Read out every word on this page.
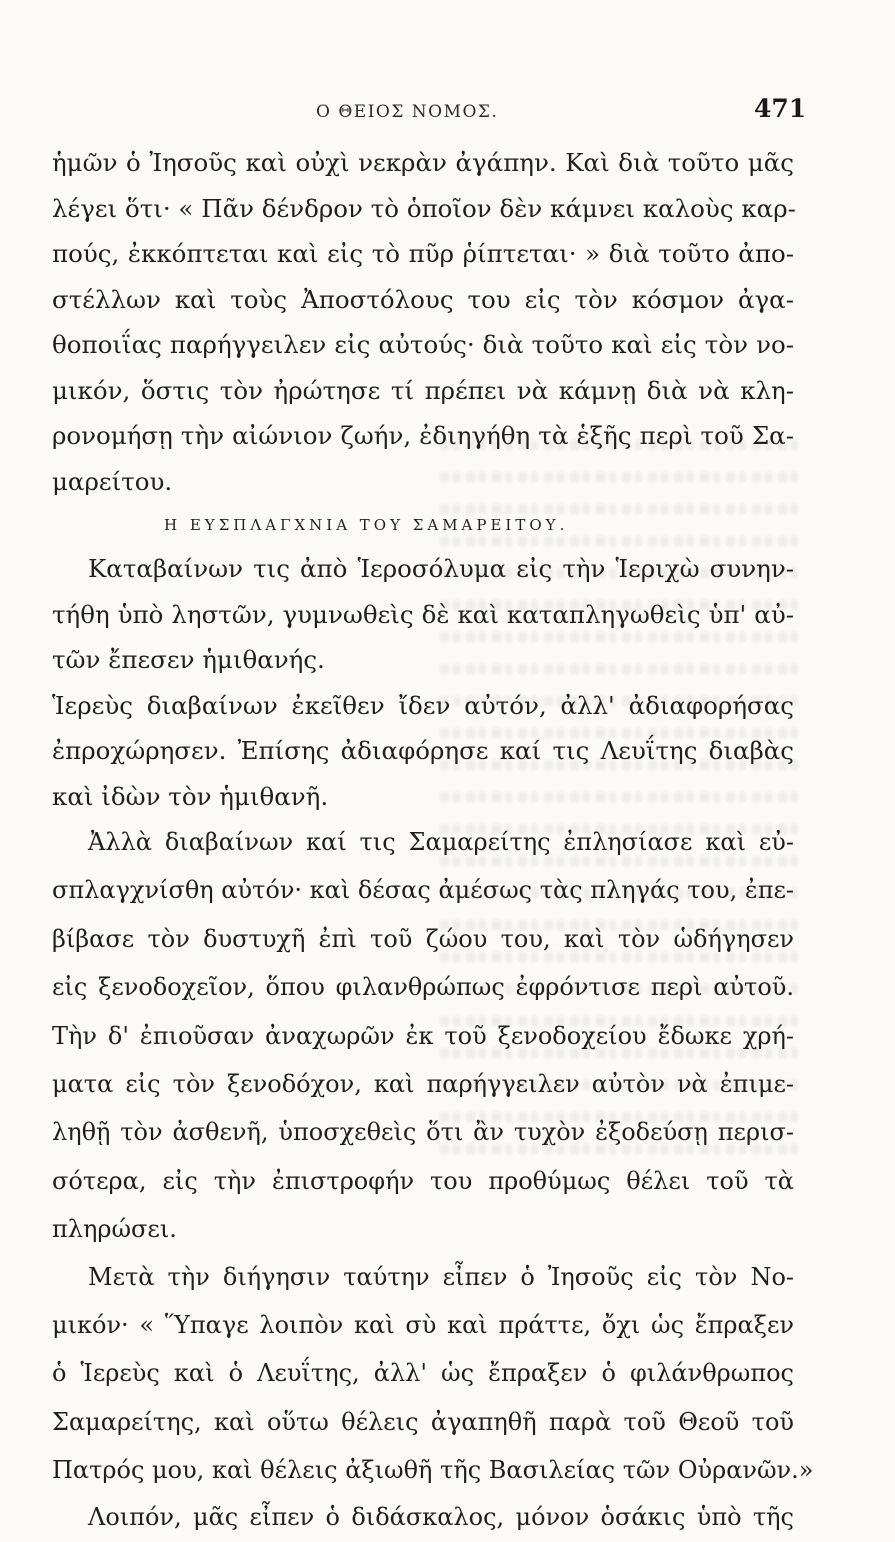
Ο ΘΕΙΟΣ ΝΟΜΟΣ.	471
ἡμῶν ὁ Ἰησοῦς καὶ οὐχὶ νεκρὰν ἀγάπην. Καὶ διὰ τοῦτο μᾶς
λέγει ὅτι· « Πᾶν δένδρον τὸ ὁποῖον δὲν κάμνει καλοὺς καρ-
πούς, ἐκκόπτεται καὶ εἰς τὸ πῦρ ῥίπτεται· » διὰ τοῦτο ἀπο-
στέλλων καὶ τοὺς Ἀποστόλους του εἰς τὸν κόσμον ἀγα-
θοποιΐας παρήγγειλεν εἰς αὐτούς· διὰ τοῦτο καὶ εἰς τὸν νο-
μικόν, ὅστις τὸν ἠρώτησε τί πρέπει νὰ κάμνῃ διὰ νὰ κλη-
ρονομήσῃ τὴν αἰώνιον ζωήν, ἐδιηγήθη τὰ ἑξῆς περὶ τοῦ Σα-
μαρείτου.
Η ΕΥΣΠΛΑΓΧΝΙΑ ΤΟΥ ΣΑΜΑΡΕΙΤΟΥ.
Καταβαίνων τις ἀπὸ Ἱεροσόλυμα εἰς τὴν Ἱεριχὼ συνην-
τήθη ὑπὸ ληστῶν, γυμνωθεὶς δὲ καὶ καταπληγωθεὶς ὑπ' αὐ-
τῶν ἔπεσεν ἡμιθανής.
Ἱερεὺς διαβαίνων ἐκεῖθεν ἴδεν αὐτόν, ἀλλ' ἀδιαφορήσας
ἐπροχώρησεν. Ἐπίσης ἀδιαφόρησε καί τις Λευΐτης διαβὰς
καὶ ἰδὼν τὸν ἡμιθανῆ.
Ἀλλὰ διαβαίνων καί τις Σαμαρείτης ἐπλησίασε καὶ εὐ-
σπλαγχνίσθη αὐτόν· καὶ δέσας ἀμέσως τὰς πληγάς του, ἐπε-
βίβασε τὸν δυστυχῆ ἐπὶ τοῦ ζώου του, καὶ τὸν ὡδήγησεν
εἰς ξενοδοχεῖον, ὅπου φιλανθρώπως ἐφρόντισε περὶ αὐτοῦ.
Τὴν δ' ἐπιοῦσαν ἀναχωρῶν ἐκ τοῦ ξενοδοχείου ἔδωκε χρή-
ματα εἰς τὸν ξενοδόχον, καὶ παρήγγειλεν αὐτὸν νὰ ἐπιμε-
ληθῇ τὸν ἀσθενῆ, ὑποσχεθεὶς ὅτι ἂν τυχὸν ἐξοδεύσῃ περισ-
σότερα, εἰς τὴν ἐπιστροφήν του προθύμως θέλει τοῦ τὰ
πληρώσει.
Μετὰ τὴν διήγησιν ταύτην εἶπεν ὁ Ἰησοῦς εἰς τὸν Νο-
μικόν· « Ὕπαγε λοιπὸν καὶ σὺ καὶ πράττε, ὄχι ὡς ἔπραξεν
ὁ Ἱερεὺς καὶ ὁ Λευΐτης, ἀλλ' ὡς ἔπραξεν ὁ φιλάνθρωπος
Σαμαρείτης, καὶ οὕτω θέλεις ἀγαπηθῆ παρὰ τοῦ Θεοῦ τοῦ
Πατρός μου, καὶ θέλεις ἀξιωθῆ τῆς Βασιλείας τῶν Οὐρανῶν.»
Λοιπόν, μᾶς εἶπεν ὁ διδάσκαλος, μόνον ὁσάκις ὑπὸ τῆς
